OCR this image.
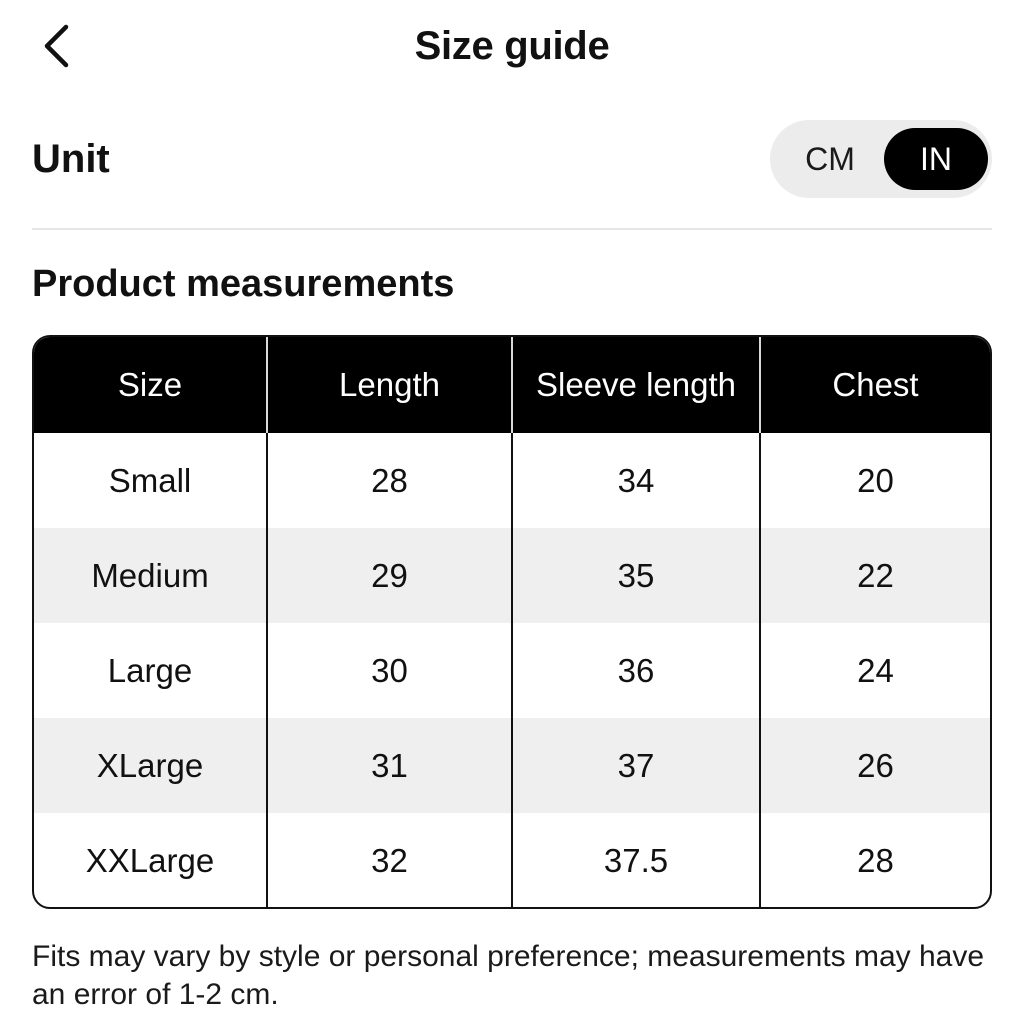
Size guide
Unit	CM	IN
Product measurements
Size	Length	Sleeve length	Chest
Small	28	34	20
Medium	29	35	22
Large	30	36	24
XLarge	31	37	26
XXLarge	32	37.5	28
Fits may vary by style or personal preference; measurements may have an error of 1-2 cm.
